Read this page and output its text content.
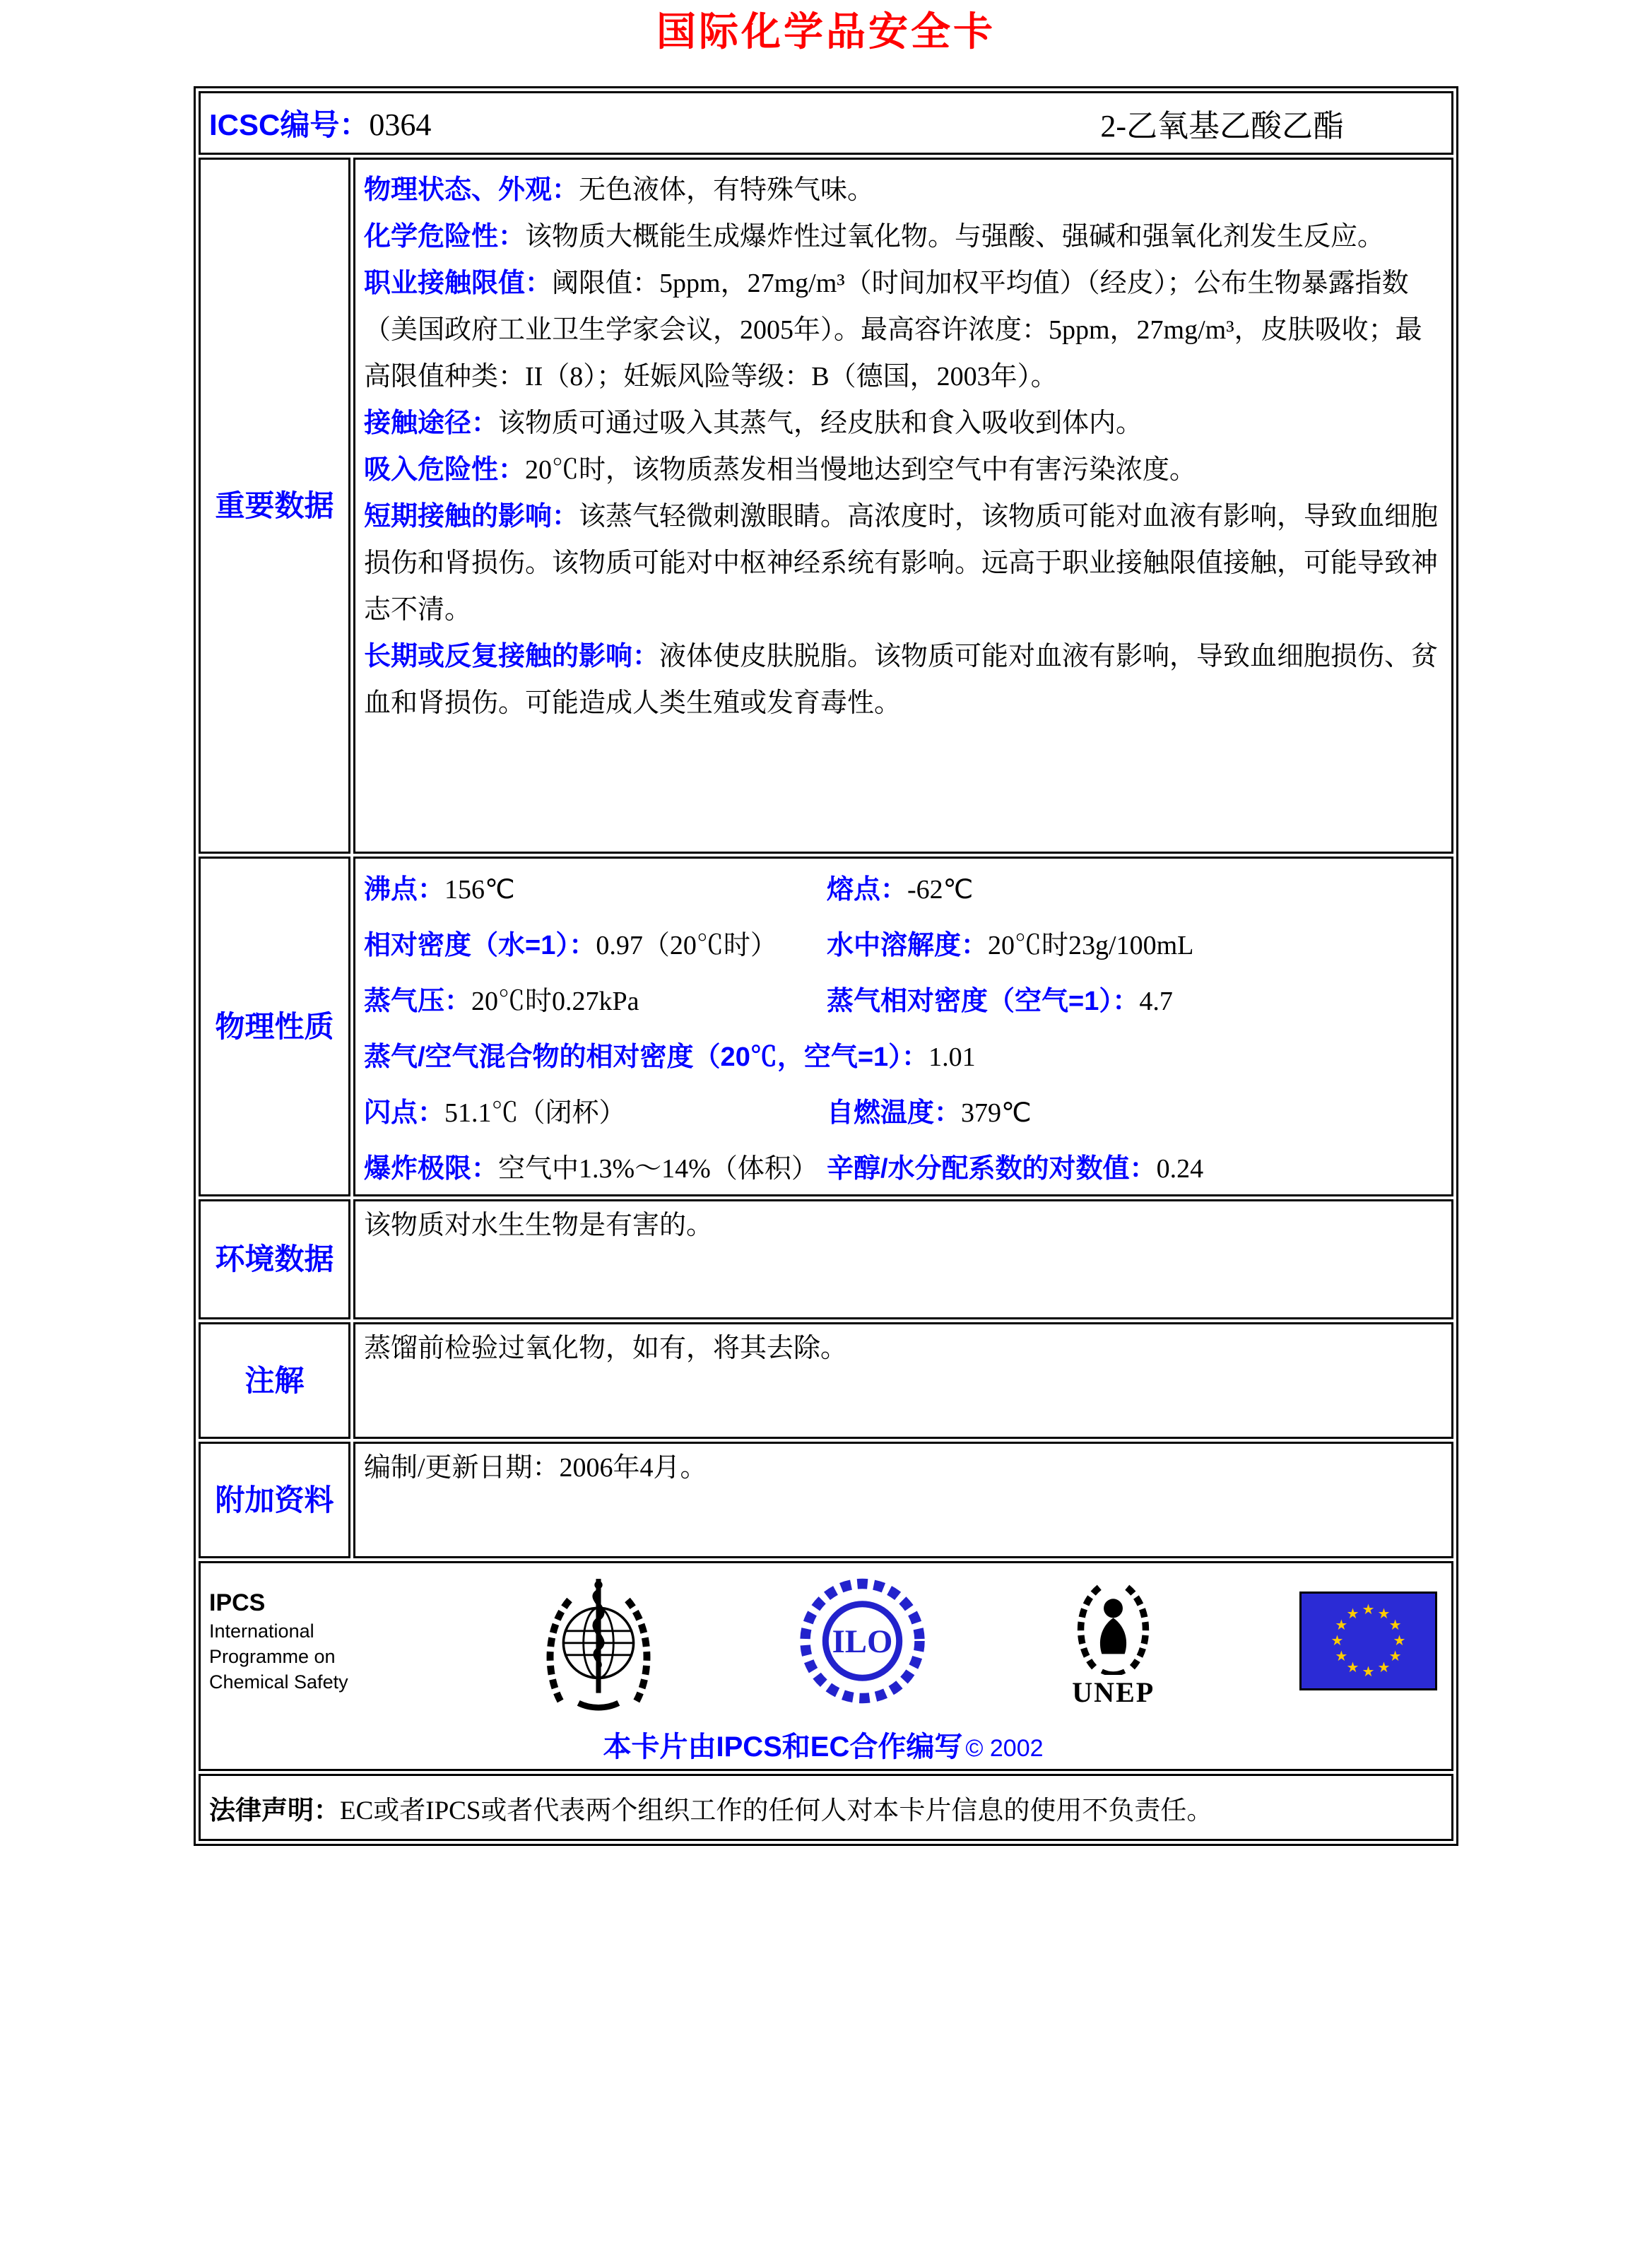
国际化学品安全卡
ICSC编号：0364 2-乙氧基乙酸乙酯	

重要数据	

物理状态、外观：无色液体，有特殊气味。

化学危险性：该物质大概能生成爆炸性过氧化物。与强酸、强碱和强氧化剂发生反应。

职业接触限值：阈限值：5ppm，27mg/m³（时间加权平均值）（经皮）；公布生物暴露指数（美国政府工业卫生学家会议，2005年）。最高容许浓度：5ppm，27mg/m³，皮肤吸收；最高限值种类：II（8）；妊娠风险等级：B（德国，2003年）。

接触途径：该物质可通过吸入其蒸气，经皮肤和食入吸收到体内。

吸入危险性：20℃时，该物质蒸发相当慢地达到空气中有害污染浓度。

短期接触的影响：该蒸气轻微刺激眼睛。高浓度时，该物质可能对血液有影响，导致血细胞损伤和肾损伤。该物质可能对中枢神经系统有影响。远高于职业接触限值接触，可能导致神志不清。

长期或反复接触的影响：液体使皮肤脱脂。该物质可能对血液有影响，导致血细胞损伤、贫血和肾损伤。可能造成人类生殖或发育毒性。

物理性质	
沸点：156℃	熔点：-62℃
相对密度（水=1）：0.97（20℃时）	水中溶解度：20℃时23g/100mL
蒸气压：20℃时0.27kPa	蒸气相对密度（空气=1）：4.7
蒸气/空气混合物的相对密度（20℃，空气=1）：1.01
闪点：51.1℃（闭杯）	自燃温度：379℃
爆炸极限：空气中1.3%～14%（体积） 辛醇/水分配系数的对数值：0.24

环境数据	该物质对水生生物是有害的。

注解	蒸馏前检验过氧化物，如有，将其去除。

附加资料	编制/更新日期：2006年4月。

IPCS
International
Programme on
Chemical Safety
ILO
UNEP
★ ★
★
★
★
★
★
★
★
★
★
★
本卡片由IPCS和EC合作编写 © 2002

法律声明：EC或者IPCS或者代表两个组织工作的任何人对本卡片信息的使用不负责任。	
